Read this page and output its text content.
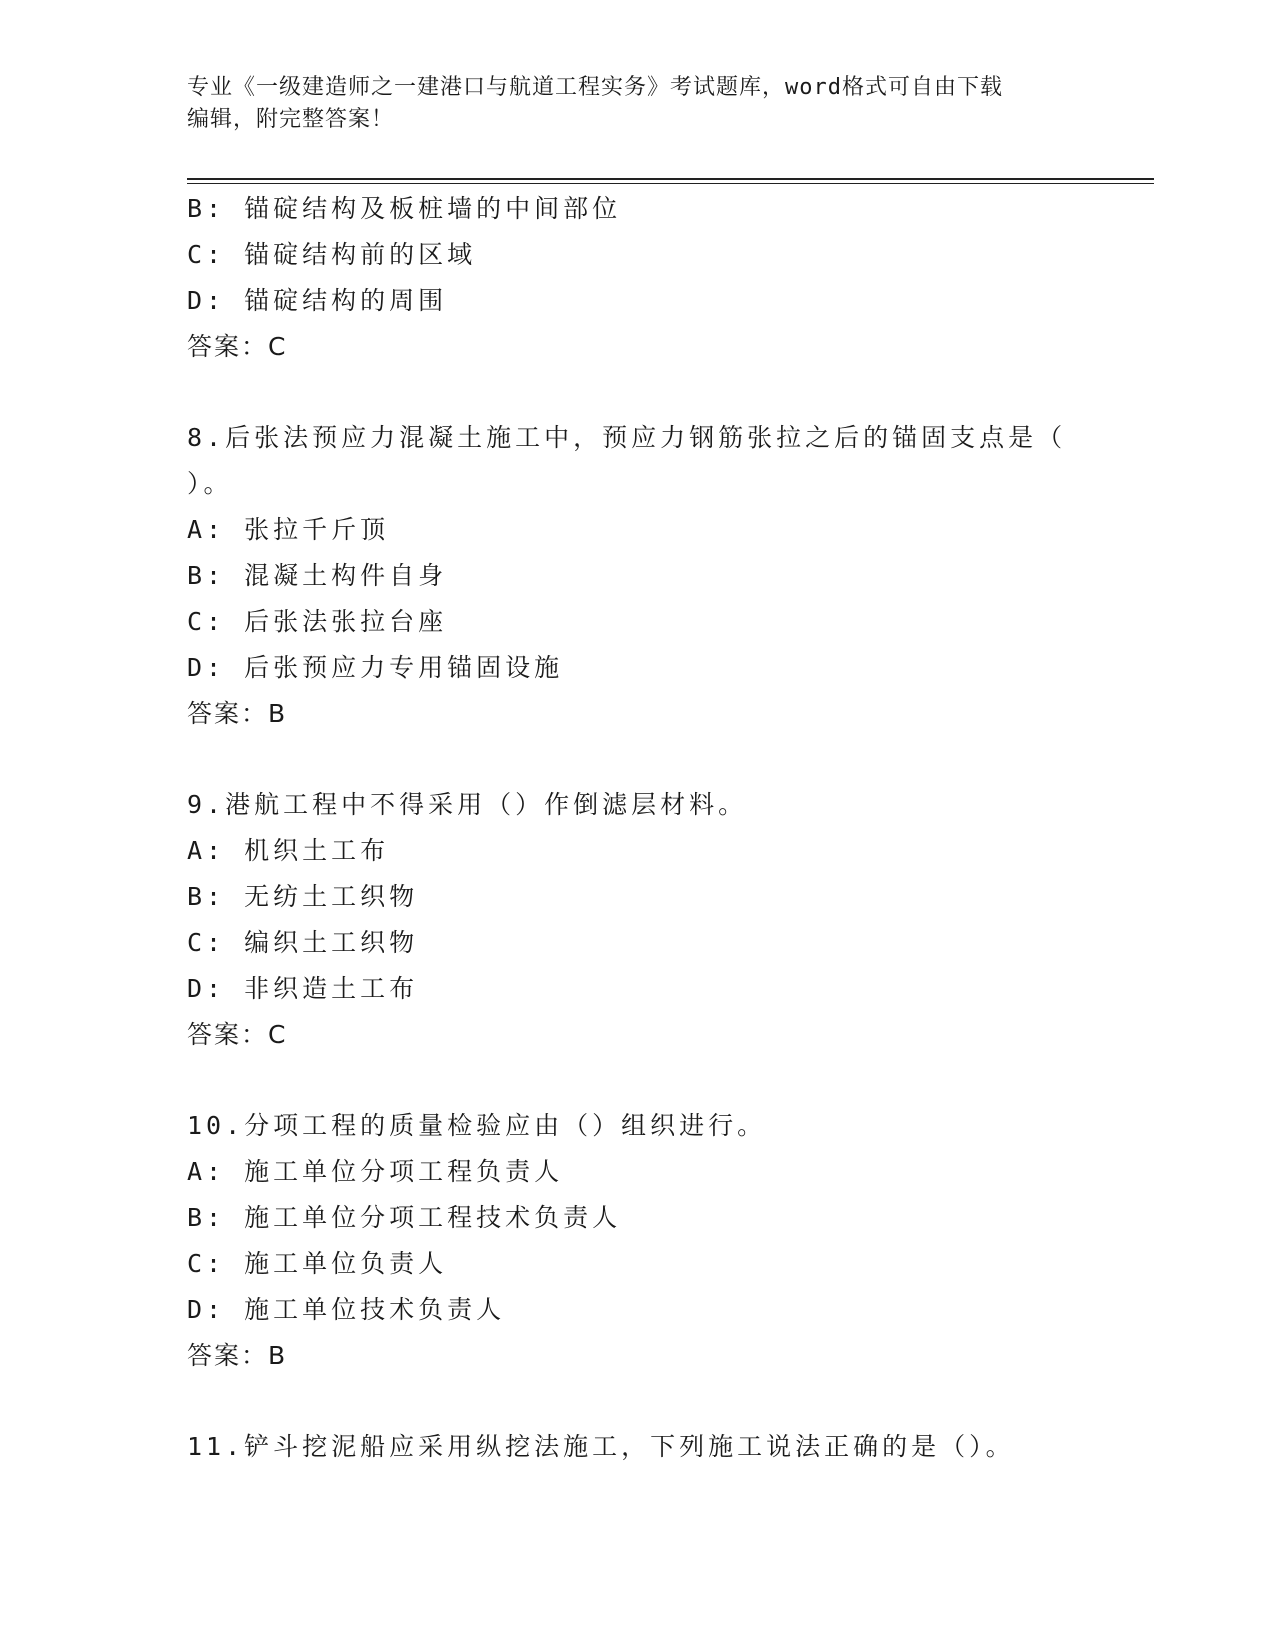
专业《一级建造师之一建港口与航道工程实务》考试题库，word格式可自由下载
编辑，附完整答案！
B: 锚碇结构及板桩墙的中间部位
C: 锚碇结构前的区域
D: 锚碇结构的周围
答案：C
8.后张法预应力混凝土施工中，预应力钢筋张拉之后的锚固支点是（
）。
A: 张拉千斤顶
B: 混凝土构件自身
C: 后张法张拉台座
D: 后张预应力专用锚固设施
答案：B
9.港航工程中不得采用（）作倒滤层材料。
A: 机织土工布
B: 无纺土工织物
C: 编织土工织物
D: 非织造土工布
答案：C
10.分项工程的质量检验应由（）组织进行。
A: 施工单位分项工程负责人
B: 施工单位分项工程技术负责人
C: 施工单位负责人
D: 施工单位技术负责人
答案：B
11.铲斗挖泥船应采用纵挖法施工，下列施工说法正确的是（）。
